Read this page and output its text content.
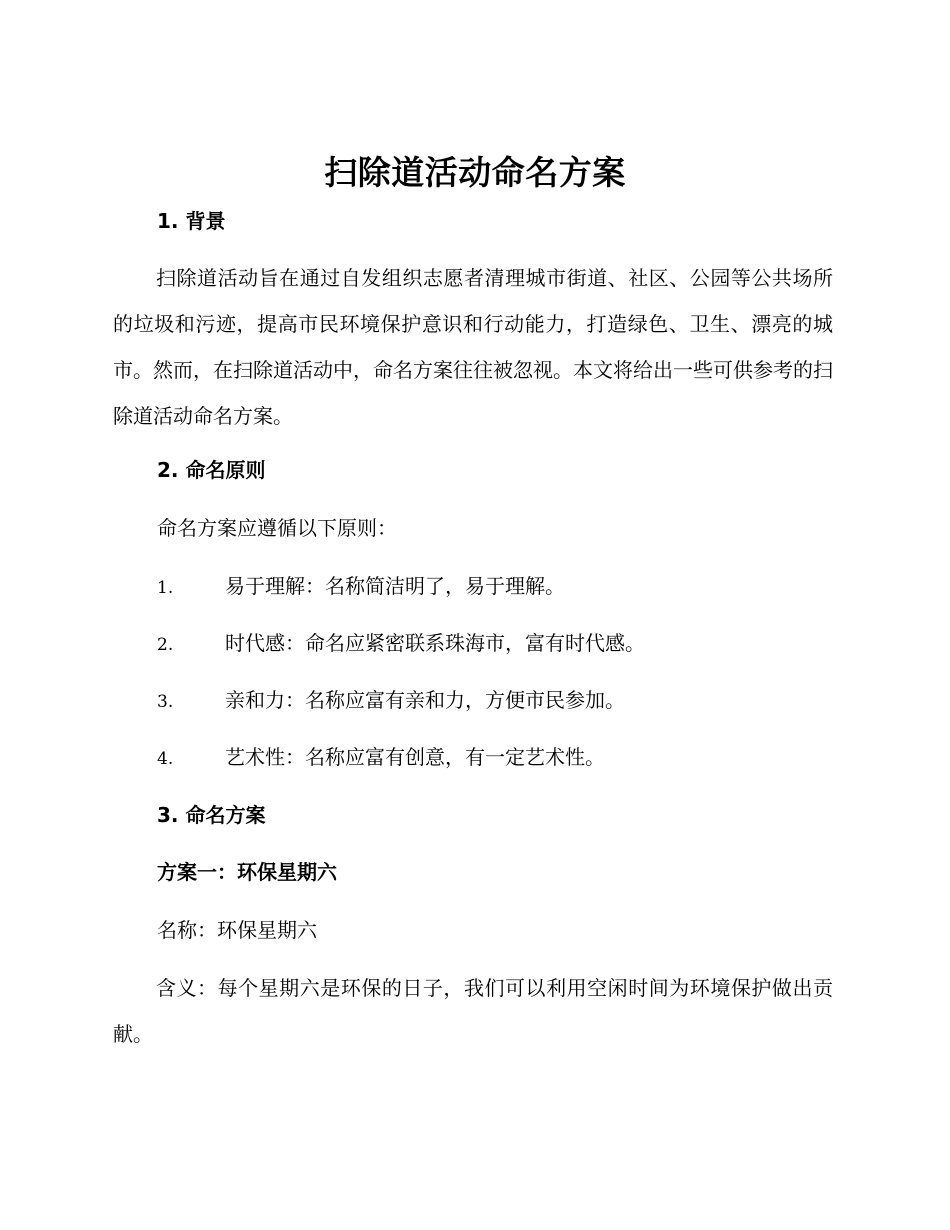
扫除道活动命名方案
1. 背景
扫除道活动旨在通过自发组织志愿者清理城市街道、社区、公园等公共场所的垃圾和污迹，提高市民环境保护意识和行动能力，打造绿色、卫生、漂亮的城市。然而，在扫除道活动中，命名方案往往被忽视。本文将给出一些可供参考的扫除道活动命名方案。
2. 命名原则
命名方案应遵循以下原则：
1.	易于理解：名称简洁明了，易于理解。
2.	时代感：命名应紧密联系珠海市，富有时代感。
3.	亲和力：名称应富有亲和力，方便市民参加。
4.	艺术性：名称应富有创意，有一定艺术性。
3. 命名方案
方案一：环保星期六
名称：环保星期六
含义：每个星期六是环保的日子，我们可以利用空闲时间为环境保护做出贡献。
